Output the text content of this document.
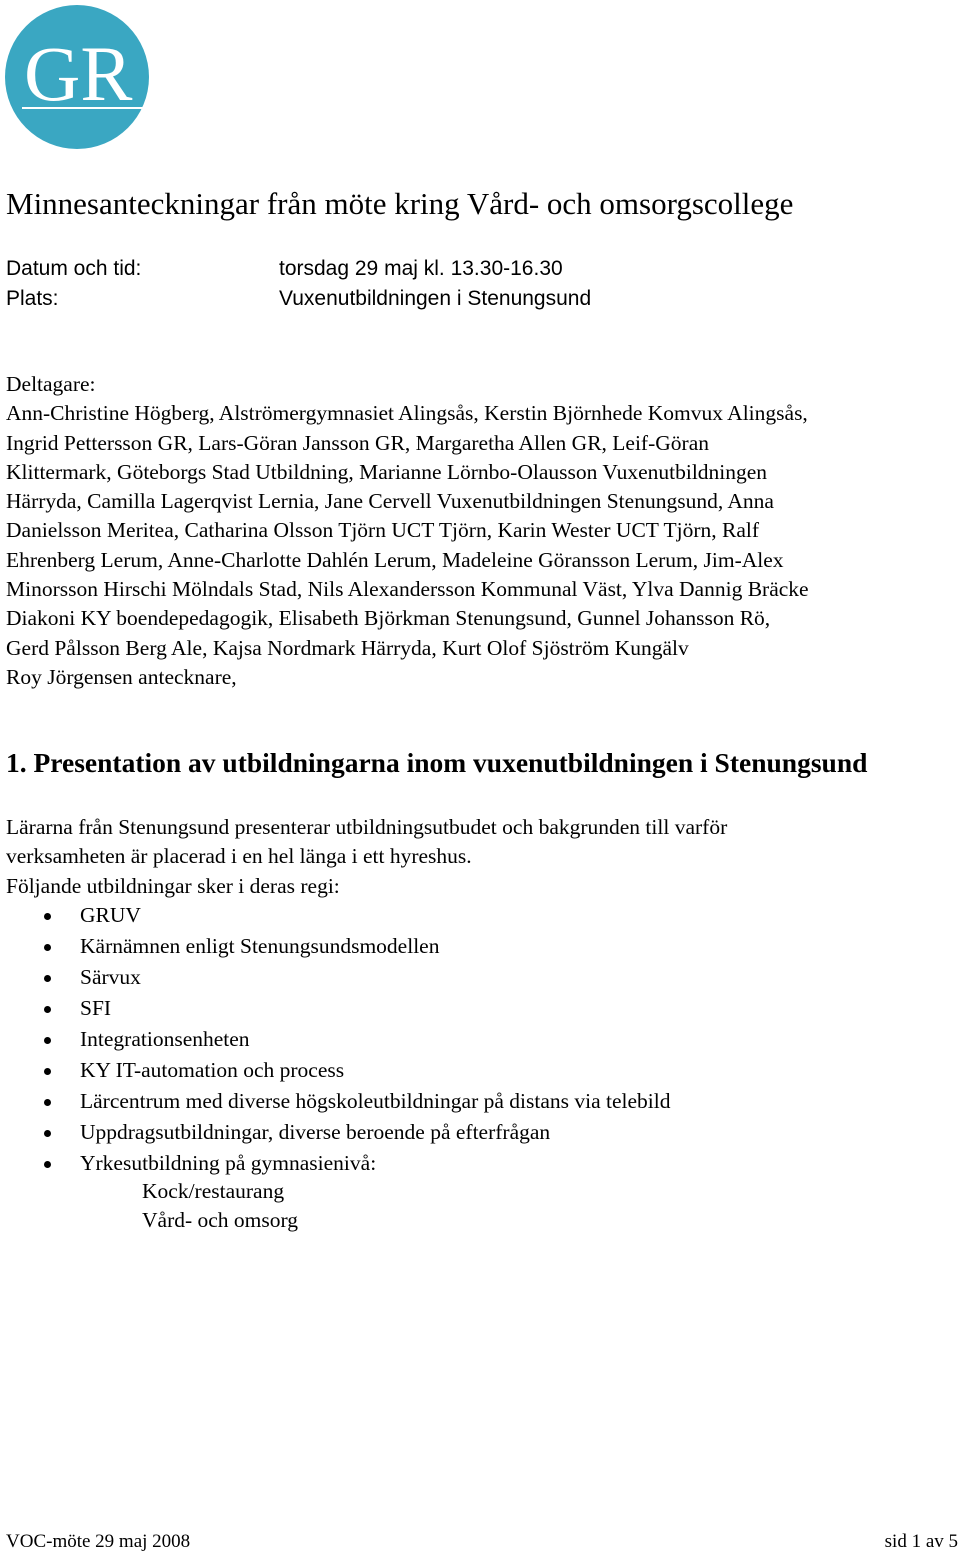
GR
Minnesanteckningar från möte kring Vård- och omsorgscollege
Datum och tid:	torsdag 29 maj kl. 13.30-16.30
Plats:	Vuxenutbildningen i Stenungsund
Deltagare:
Ann-Christine Högberg, Alströmergymnasiet Alingsås, Kerstin Björnhede Komvux Alingsås,
Ingrid Pettersson GR, Lars-Göran Jansson GR, Margaretha Allen GR, Leif-Göran
Klittermark, Göteborgs Stad Utbildning, Marianne Lörnbo-Olausson Vuxenutbildningen
Härryda, Camilla Lagerqvist Lernia, Jane Cervell Vuxenutbildningen Stenungsund, Anna
Danielsson Meritea, Catharina Olsson Tjörn UCT Tjörn, Karin Wester UCT Tjörn, Ralf
Ehrenberg Lerum, Anne-Charlotte Dahlén Lerum, Madeleine Göransson Lerum, Jim-Alex
Minorsson Hirschi Mölndals Stad, Nils Alexandersson Kommunal Väst, Ylva Dannig Bräcke
Diakoni KY boendepedagogik, Elisabeth Björkman Stenungsund, Gunnel Johansson Rö,
Gerd Pålsson Berg Ale, Kajsa Nordmark Härryda, Kurt Olof Sjöström Kungälv
Roy Jörgensen antecknare,
1. Presentation av utbildningarna inom vuxenutbildningen i Stenungsund
Lärarna från Stenungsund presenterar utbildningsutbudet och bakgrunden till varför
verksamheten är placerad i en hel länga i ett hyreshus.
Följande utbildningar sker i deras regi:
GRUV
Kärnämnen enligt Stenungsundsmodellen
Särvux
SFI
Integrationsenheten
KY IT-automation och process
Lärcentrum med diverse högskoleutbildningar på distans via telebild
Uppdragsutbildningar, diverse beroende på efterfrågan
Yrkesutbildning på gymnasienivå:
Kock/restaurang
Vård- och omsorg
VOC-möte 29 maj 2008	sid 1 av 5
